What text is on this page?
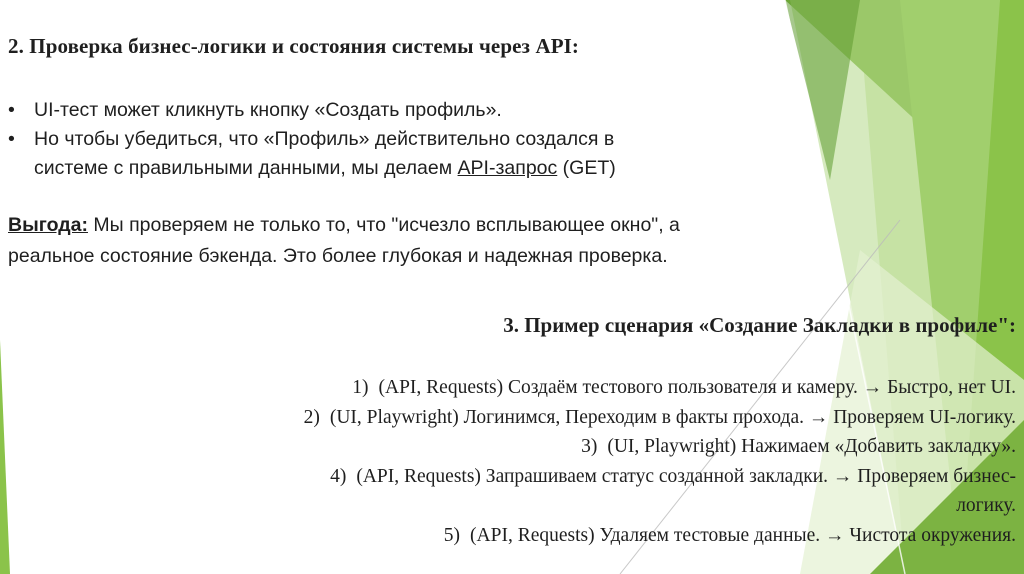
2. Проверка бизнес-логики и состояния системы через API:
• UI-тест может кликнуть кнопку «Создать профиль».
• Но чтобы убедиться, что «Профиль» действительно создался в
системе с правильными данными, мы делаем API-запрос (GET)
Выгода: Мы проверяем не только то, что "исчезло всплывающее окно", а реальное состояние бэкенда. Это более глубокая и надежная проверка.
3. Пример сценария «Создание Закладки в профиле":
1) (API, Requests) Создаём тестового пользователя и камеру. → Быстро, нет UI.
2) (UI, Playwright) Логинимся, Переходим в факты прохода. → Проверяем UI-логику.
3) (UI, Playwright) Нажимаем «Добавить закладку».
4) (API, Requests) Запрашиваем статус созданной закладки. → Проверяем бизнес-
логику.
5) (API, Requests) Удаляем тестовые данные. → Чистота окружения.
